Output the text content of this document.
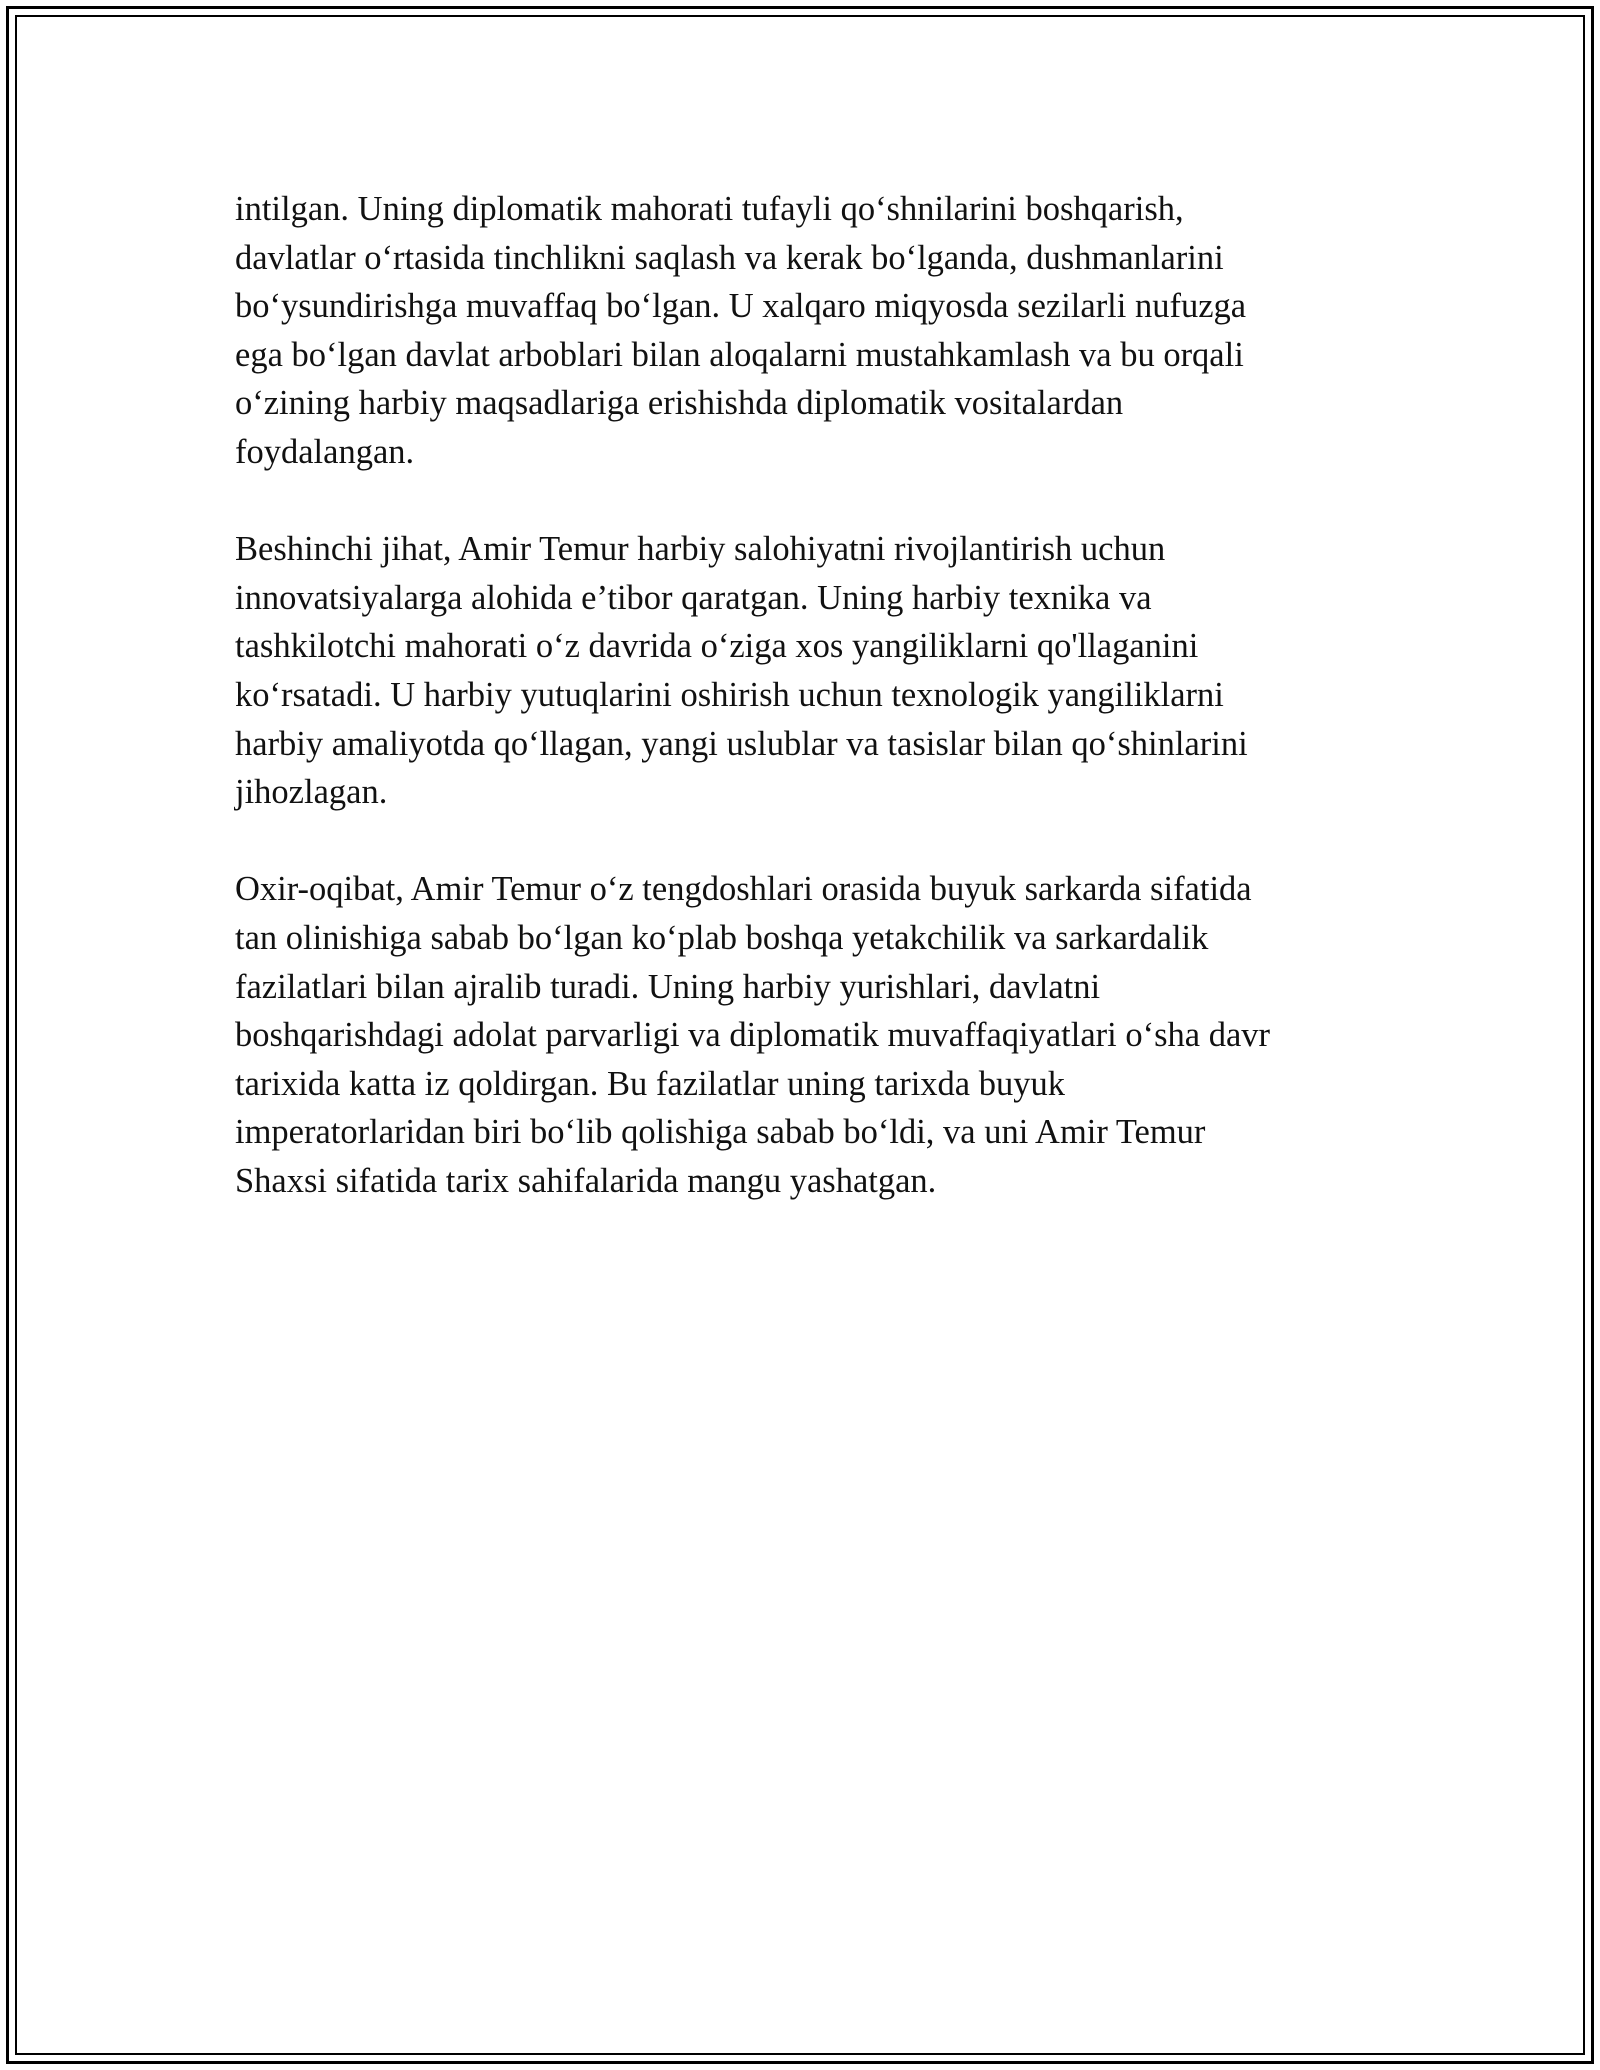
intilgan. Uning diplomatik mahorati tufayli qo‘shnilarini boshqarish,
davlatlar o‘rtasida tinchlikni saqlash va kerak bo‘lganda, dushmanlarini
bo‘ysundirishga muvaffaq bo‘lgan. U xalqaro miqyosda sezilarli nufuzga
ega bo‘lgan davlat arboblari bilan aloqalarni mustahkamlash va bu orqali
o‘zining harbiy maqsadlariga erishishda diplomatik vositalardan
foydalangan.

Beshinchi jihat, Amir Temur harbiy salohiyatni rivojlantirish uchun
innovatsiyalarga alohida e’tibor qaratgan. Uning harbiy texnika va
tashkilotchi mahorati o‘z davrida o‘ziga xos yangiliklarni qo'llaganini
ko‘rsatadi. U harbiy yutuqlarini oshirish uchun texnologik yangiliklarni
harbiy amaliyotda qo‘llagan, yangi uslublar va tasislar bilan qo‘shinlarini
jihozlagan.

Oxir-oqibat, Amir Temur o‘z tengdoshlari orasida buyuk sarkarda sifatida
tan olinishiga sabab bo‘lgan ko‘plab boshqa yetakchilik va sarkardalik
fazilatlari bilan ajralib turadi. Uning harbiy yurishlari, davlatni
boshqarishdagi adolat parvarligi va diplomatik muvaffaqiyatlari o‘sha davr
tarixida katta iz qoldirgan. Bu fazilatlar uning tarixda buyuk
imperatorlaridan biri bo‘lib qolishiga sabab bo‘ldi, va uni Amir Temur
Shaxsi sifatida tarix sahifalarida mangu yashatgan.
